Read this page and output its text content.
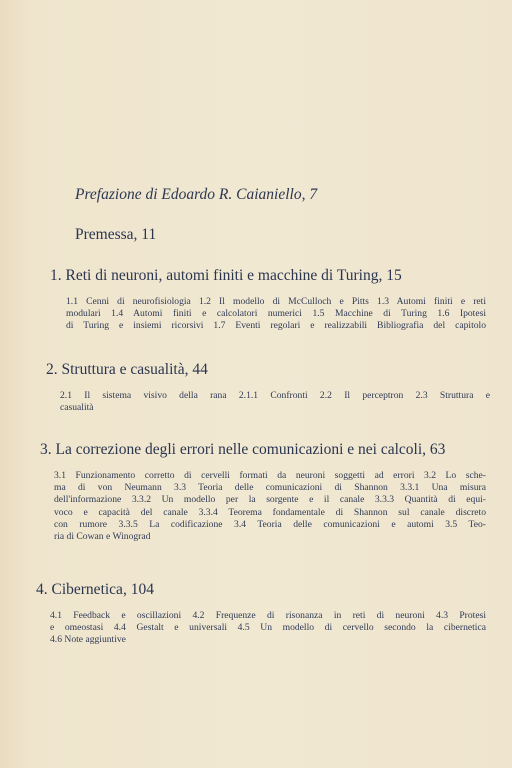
Prefazione di Edoardo R. Caianiello, 7
Premessa, 11
1. Reti di neuroni, automi finiti e macchine di Turing, 15
1.1 Cenni di neurofisiologia 1.2 Il modello di McCulloch e Pitts 1.3 Automi finiti e reti
modulari 1.4 Automi finiti e calcolatori numerici 1.5 Macchine di Turing 1.6 Ipotesi
di Turing e insiemi ricorsivi 1.7 Eventi regolari e realizzabili Bibliografia del capitolo
2. Struttura e casualità, 44
2.1 Il sistema visivo della rana 2.1.1 Confronti 2.2 Il perceptron 2.3 Struttura e
casualità
3. La correzione degli errori nelle comunicazioni e nei calcoli, 63
3.1 Funzionamento corretto di cervelli formati da neuroni soggetti ad errori 3.2 Lo sche-
ma di von Neumann 3.3 Teoria delle comunicazioni di Shannon 3.3.1 Una misura
dell'informazione 3.3.2 Un modello per la sorgente e il canale 3.3.3 Quantità di equi-
voco e capacità del canale 3.3.4 Teorema fondamentale di Shannon sul canale discreto
con rumore 3.3.5 La codificazione 3.4 Teoria delle comunicazioni e automi 3.5 Teo-
ria di Cowan e Winograd
4. Cibernetica, 104
4.1 Feedback e oscillazioni 4.2 Frequenze di risonanza in reti di neuroni 4.3 Protesi
e omeostasi 4.4 Gestalt e universali 4.5 Un modello di cervello secondo la cibernetica
4.6 Note aggiuntive
